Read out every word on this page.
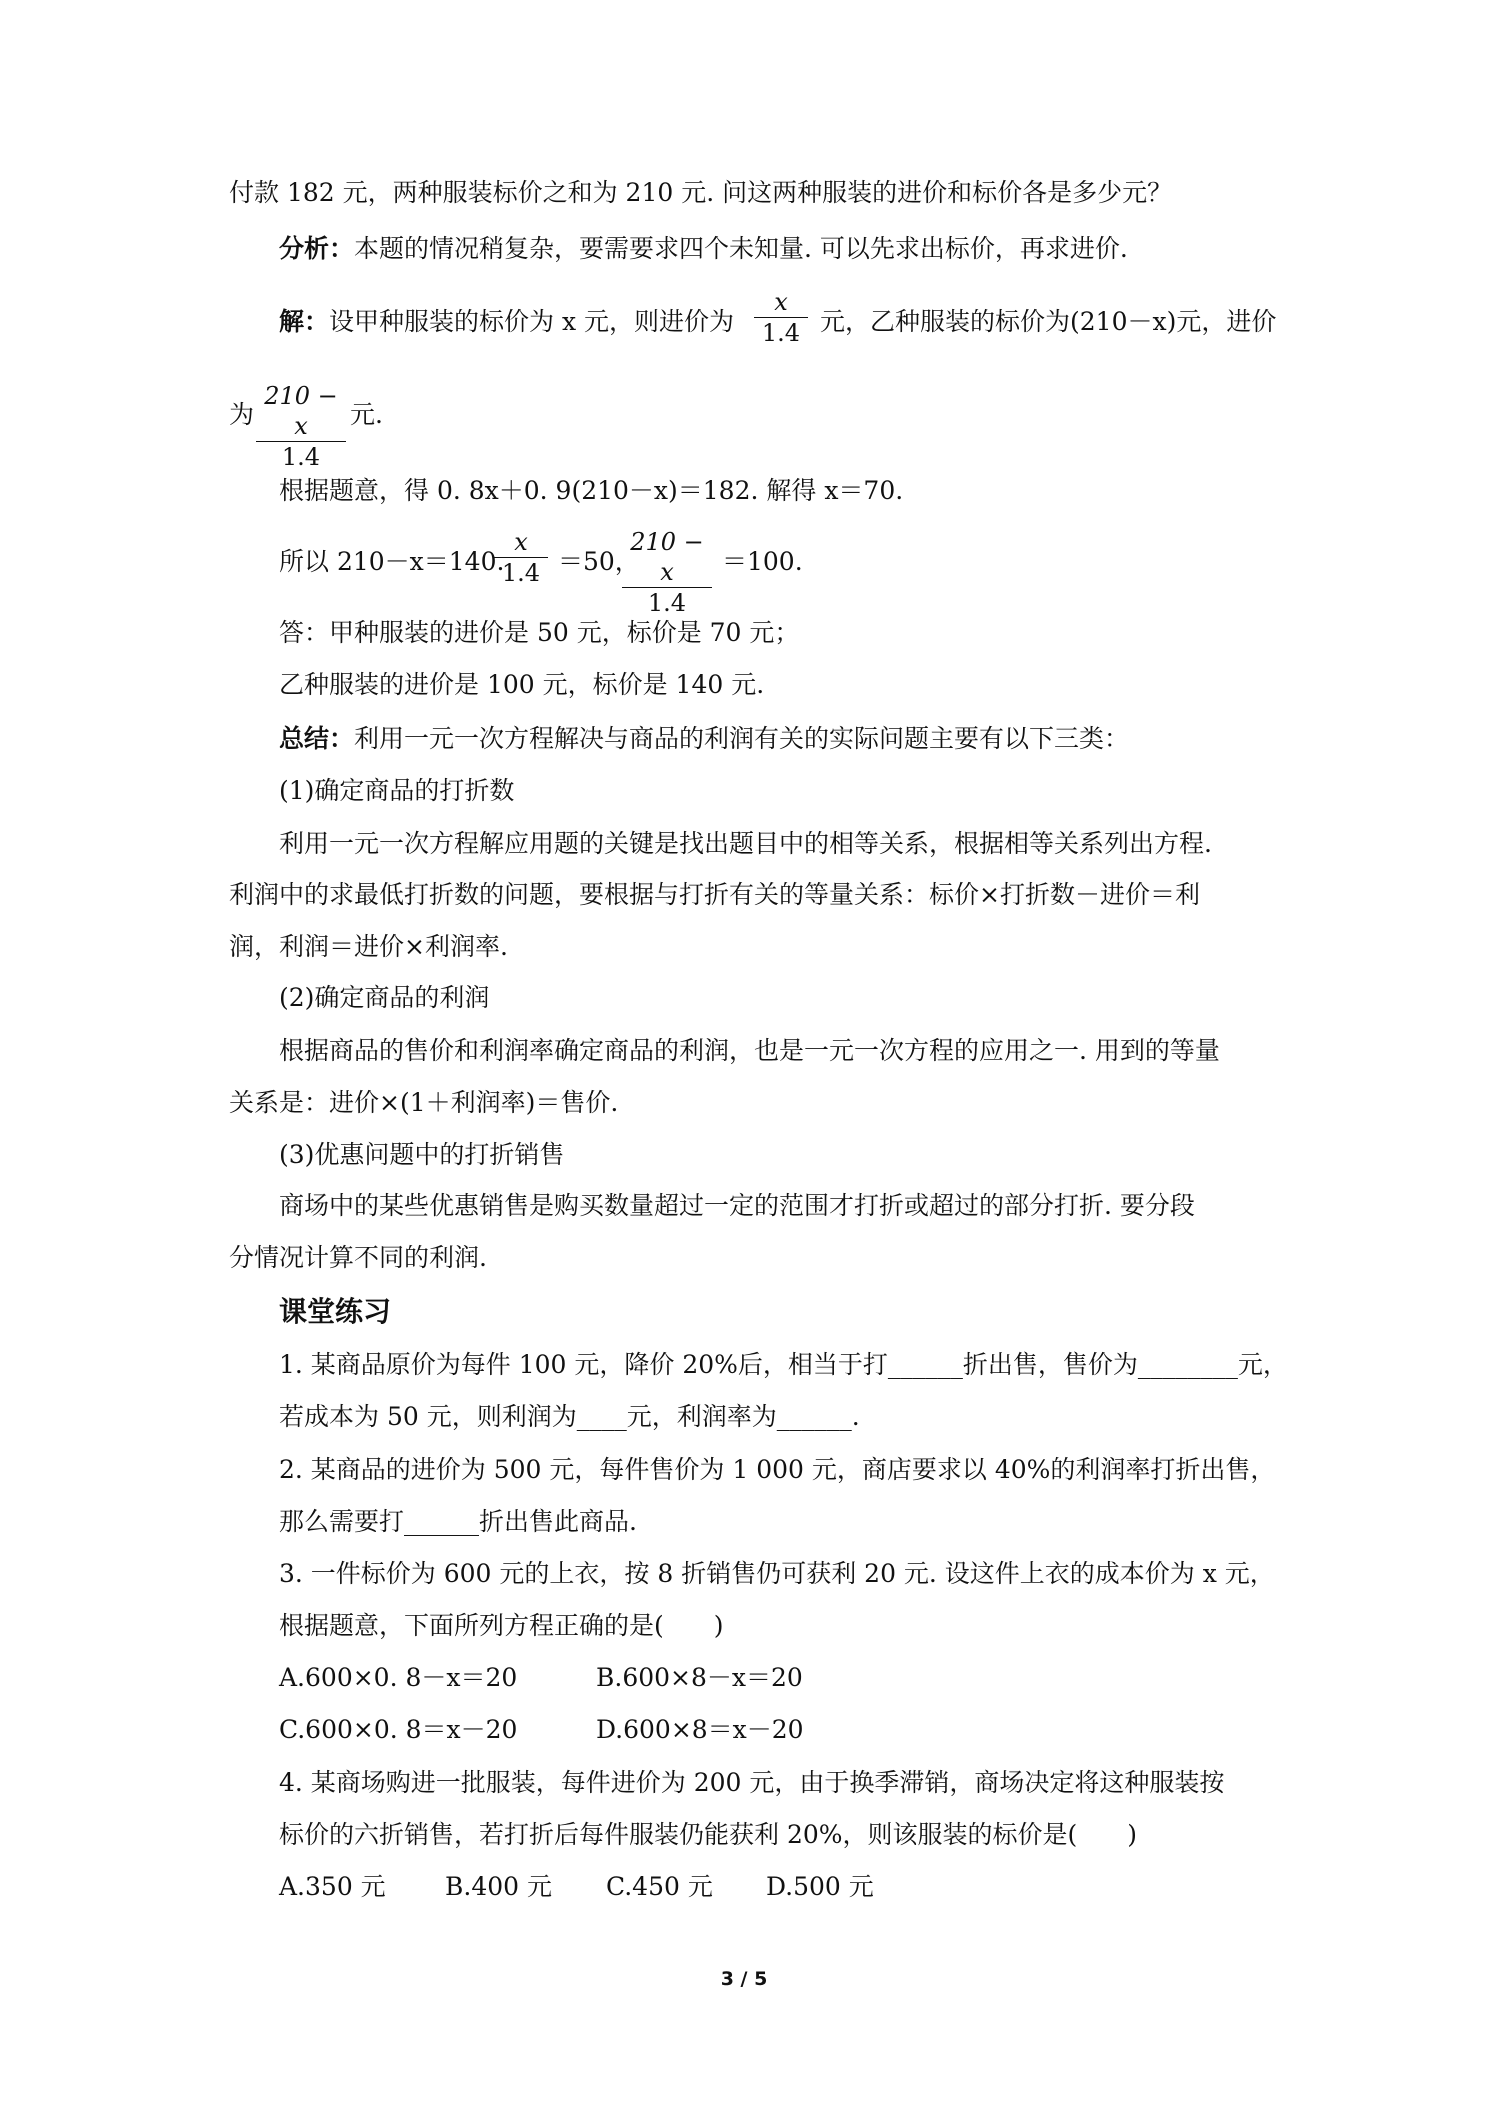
付款 182 元，两种服装标价之和为 210 元. 问这两种服装的进价和标价各是多少元？
分析：本题的情况稍复杂，要需要求四个未知量. 可以先求出标价，再求进价.
解：设甲种服装的标价为 x 元，则进价为 $\frac{x}{1.4}$ 元，乙种服装的标价为(210－x)元，进价
为 $\frac{210 - x}{1.4}$ 元.
根据题意，得 0. 8x＋0. 9(210－x)＝182. 解得 x＝70.
所以 210－x＝140.
$\frac{x}{1.4} =50$，
$\frac{210 - x}{1.4} =100$.
答：甲种服装的进价是 50 元，标价是 70 元；
乙种服装的进价是 100 元，标价是 140 元.
总结：利用一元一次方程解决与商品的利润有关的实际问题主要有以下三类：
(1)确定商品的打折数
利用一元一次方程解应用题的关键是找出题目中的相等关系，根据相等关系列出方程.
利润中的求最低打折数的问题，要根据与打折有关的等量关系：标价×打折数－进价＝利
润，利润＝进价×利润率.
(2)确定商品的利润
根据商品的售价和利润率确定商品的利润，也是一元一次方程的应用之一. 用到的等量
关系是：进价×(1＋利润率)＝售价.
(3)优惠问题中的打折销售
商场中的某些优惠销售是购买数量超过一定的范围才打折或超过的部分打折. 要分段
分情况计算不同的利润.
课堂练习
1. 某商品原价为每件 100 元，降价 20%后，相当于打______折出售，售价为________元，
若成本为 50 元，则利润为____元，利润率为______.
2. 某商品的进价为 500 元，每件售价为 1 000 元，商店要求以 40%的利润率打折出售，
那么需要打______折出售此商品.
3. 一件标价为 600 元的上衣，按 8 折销售仍可获利 20 元. 设这件上衣的成本价为 x 元，
根据题意，下面所列方程正确的是(　　)
A.600×0. 8－x＝20	B.600×8－x＝20
C.600×0. 8＝x－20	D.600×8＝x－20
4. 某商场购进一批服装，每件进价为 200 元，由于换季滞销，商场决定将这种服装按
标价的六折销售，若打折后每件服装仍能获利 20%，则该服装的标价是(　　)
A.350 元 B.400 元 C.450 元 D.500 元
3 / 5
